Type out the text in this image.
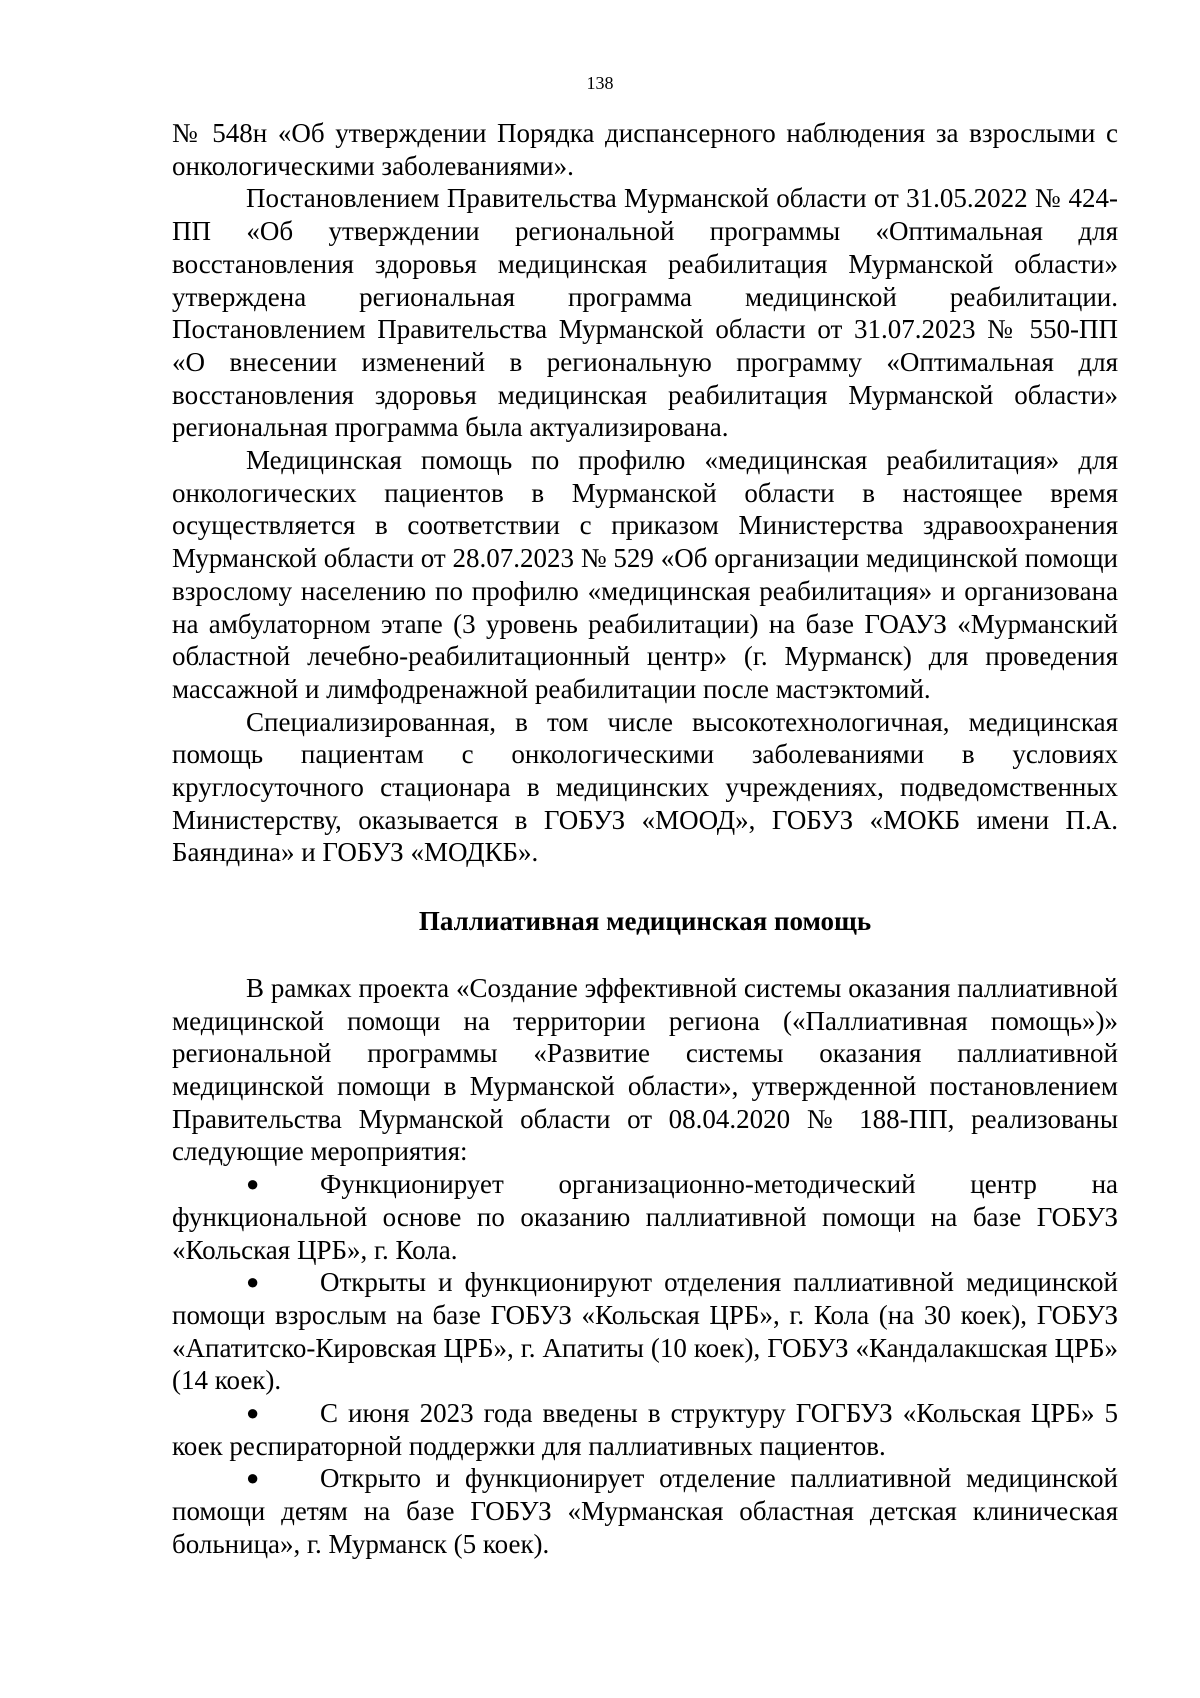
138

№ 548н «Об утверждении Порядка диспансерного наблюдения за взрослыми с онкологическими заболеваниями».

Постановлением Правительства Мурманской области от 31.05.2022 № 424-ПП «Об утверждении региональной программы «Оптимальная для восстановления здоровья медицинская реабилитация Мурманской области» утверждена региональная программа медицинской реабилитации. Постановлением Правительства Мурманской области от 31.07.2023 № 550-ПП «О внесении изменений в региональную программу «Оптимальная для восстановления здоровья медицинская реабилитация Мурманской области» региональная программа была актуализирована.

Медицинская помощь по профилю «медицинская реабилитация» для онкологических пациентов в Мурманской области в настоящее время осуществляется в соответствии с приказом Министерства здравоохранения Мурманской области от 28.07.2023 № 529 «Об организации медицинской помощи взрослому населению по профилю «медицинская реабилитация» и организована на амбулаторном этапе (3 уровень реабилитации) на базе ГОАУЗ «Мурманский областной лечебно-реабилитационный центр» (г. Мурманск) для проведения массажной и лимфодренажной реабилитации после мастэктомий.

Специализированная, в том числе высокотехнологичная, медицинская помощь пациентам с онкологическими заболеваниями в условиях круглосуточного стационара в медицинских учреждениях, подведомственных Министерству, оказывается в ГОБУЗ «МООД», ГОБУЗ «МОКБ имени П.А. Баяндина» и ГОБУЗ «МОДКБ».

Паллиативная медицинская помощь

В рамках проекта «Создание эффективной системы оказания паллиативной медицинской помощи на территории региона («Паллиативная помощь»)» региональной программы «Развитие системы оказания паллиативной медицинской помощи в Мурманской области», утвержденной постановлением Правительства Мурманской области от 08.04.2020 № 188-ПП, реализованы следующие мероприятия:

● Функционирует организационно-методический центр на функциональной основе по оказанию паллиативной помощи на базе ГОБУЗ «Кольская ЦРБ», г. Кола.

● Открыты и функционируют отделения паллиативной медицинской помощи взрослым на базе ГОБУЗ «Кольская ЦРБ», г. Кола (на 30 коек), ГОБУЗ «Апатитско-Кировская ЦРБ», г. Апатиты (10 коек), ГОБУЗ «Кандалакшская ЦРБ» (14 коек).

● С июня 2023 года введены в структуру ГОГБУЗ «Кольская ЦРБ» 5 коек респираторной поддержки для паллиативных пациентов.

● Открыто и функционирует отделение паллиативной медицинской помощи детям на базе ГОБУЗ «Мурманская областная детская клиническая больница», г. Мурманск (5 коек).
